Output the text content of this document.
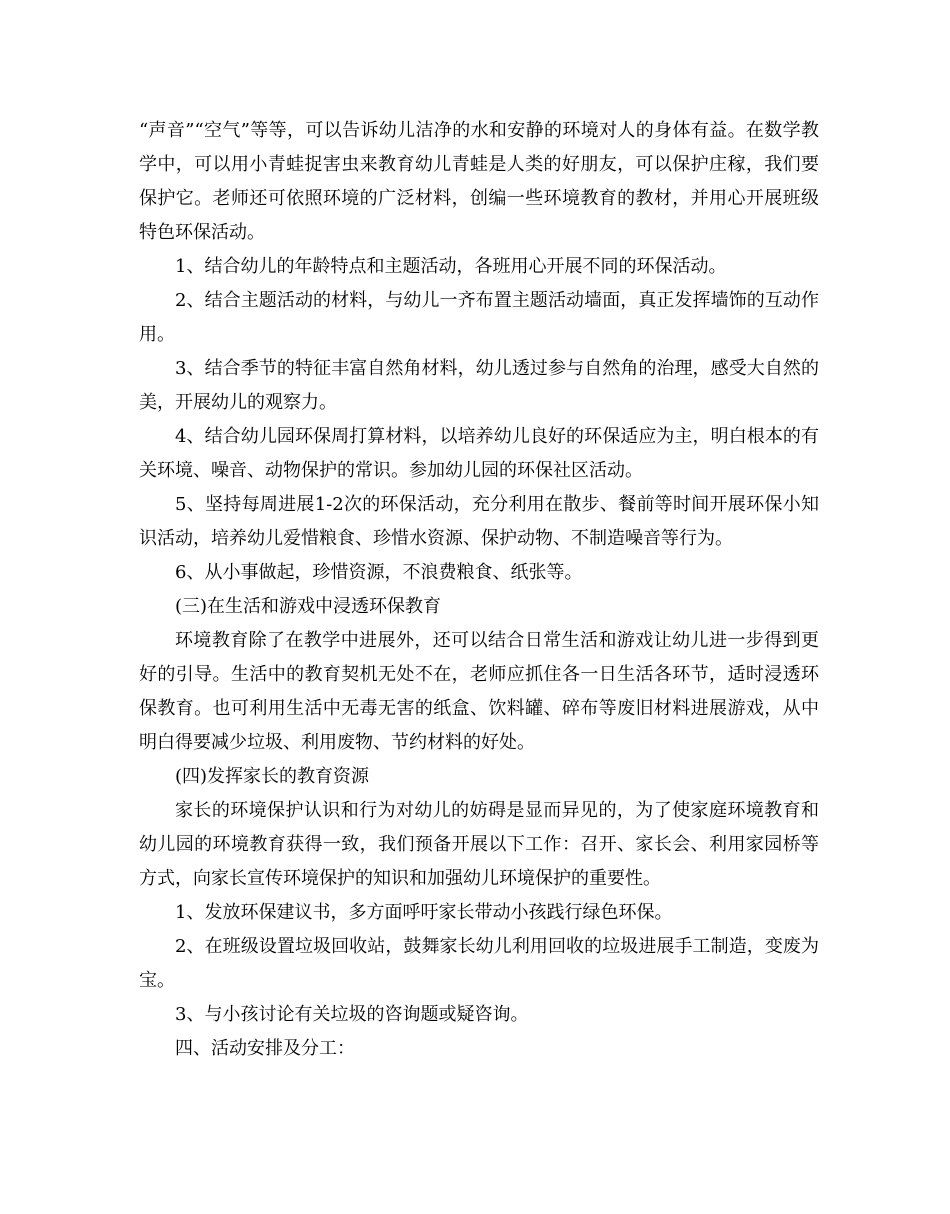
“声音”“空气”等等，可以告诉幼儿洁净的水和安静的环境对人的身体有益。在数学教学中，可以用小青蛙捉害虫来教育幼儿青蛙是人类的好朋友，可以保护庄稼，我们要保护它。老师还可依照环境的广泛材料，创编一些环境教育的教材，并用心开展班级特色环保活动。

1、结合幼儿的年龄特点和主题活动，各班用心开展不同的环保活动。

2、结合主题活动的材料，与幼儿一齐布置主题活动墙面，真正发挥墙饰的互动作用。

3、结合季节的特征丰富自然角材料，幼儿透过参与自然角的治理，感受大自然的美，开展幼儿的观察力。

4、结合幼儿园环保周打算材料，以培养幼儿良好的环保适应为主，明白根本的有关环境、噪音、动物保护的常识。参加幼儿园的环保社区活动。

5、坚持每周进展1-2次的环保活动，充分利用在散步、餐前等时间开展环保小知识活动，培养幼儿爱惜粮食、珍惜水资源、保护动物、不制造噪音等行为。

6、从小事做起，珍惜资源，不浪费粮食、纸张等。

(三)在生活和游戏中浸透环保教育

环境教育除了在教学中进展外，还可以结合日常生活和游戏让幼儿进一步得到更好的引导。生活中的教育契机无处不在，老师应抓住各一日生活各环节，适时浸透环保教育。也可利用生活中无毒无害的纸盒、饮料罐、碎布等废旧材料进展游戏，从中明白得要减少垃圾、利用废物、节约材料的好处。

(四)发挥家长的教育资源

家长的环境保护认识和行为对幼儿的妨碍是显而异见的，为了使家庭环境教育和幼儿园的环境教育获得一致，我们预备开展以下工作：召开、家长会、利用家园桥等方式，向家长宣传环境保护的知识和加强幼儿环境保护的重要性。

1、发放环保建议书，多方面呼吁家长带动小孩践行绿色环保。

2、在班级设置垃圾回收站，鼓舞家长幼儿利用回收的垃圾进展手工制造，变废为宝。

3、与小孩讨论有关垃圾的咨询题或疑咨询。

四、活动安排及分工：
